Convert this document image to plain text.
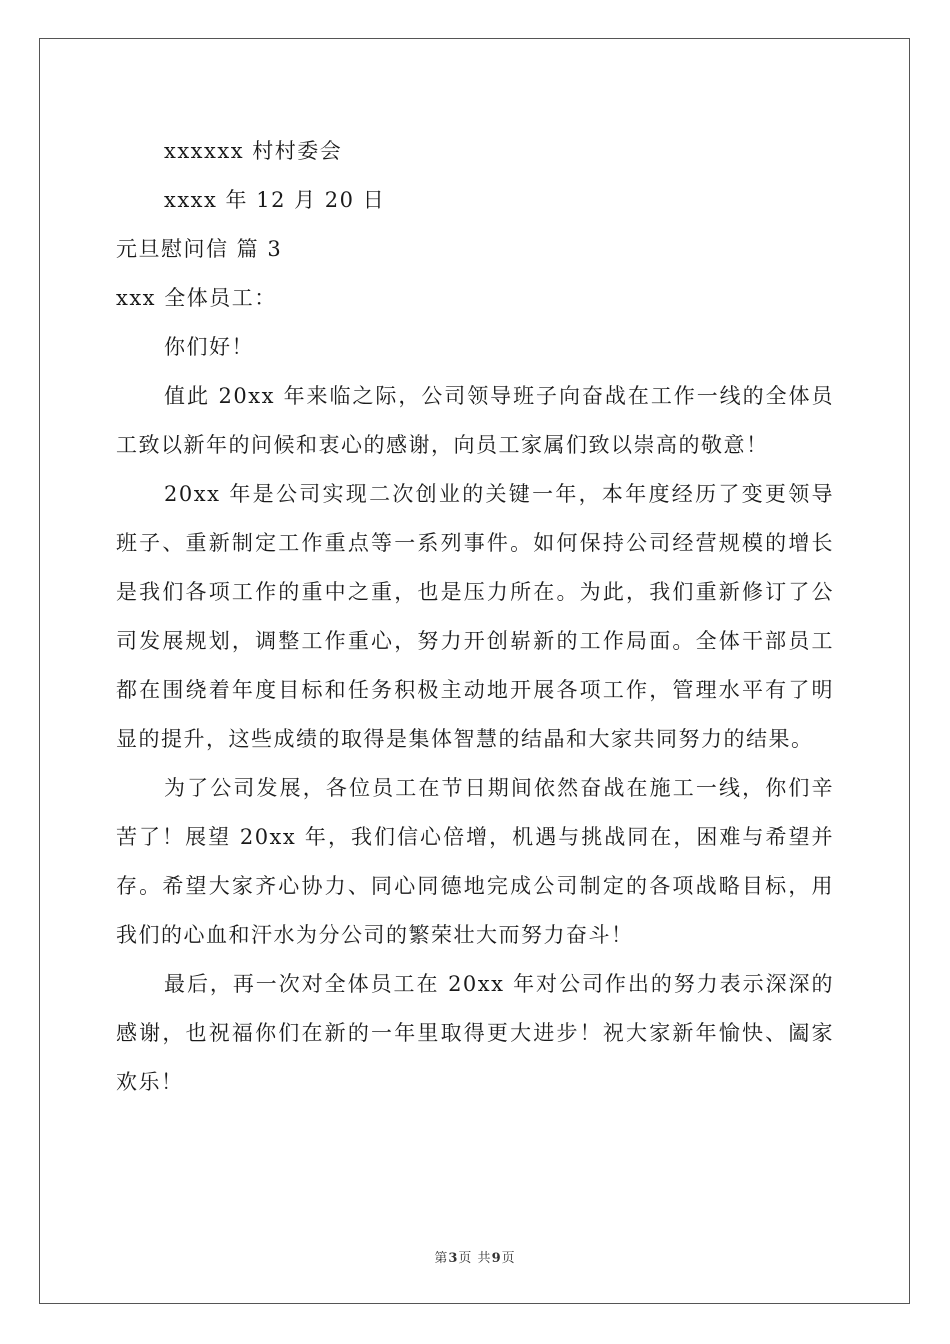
xxxxxx 村村委会

xxxx 年 12 月 20 日

元旦慰问信 篇 3

xxx 全体员工：

你们好！

值此 20xx 年来临之际，公司领导班子向奋战在工作一线的全体员工致以新年的问候和衷心的感谢，向员工家属们致以崇高的敬意！

20xx 年是公司实现二次创业的关键一年，本年度经历了变更领导班子、重新制定工作重点等一系列事件。如何保持公司经营规模的增长是我们各项工作的重中之重，也是压力所在。为此，我们重新修订了公司发展规划，调整工作重心，努力开创崭新的工作局面。全体干部员工都在围绕着年度目标和任务积极主动地开展各项工作，管理水平有了明显的提升，这些成绩的取得是集体智慧的结晶和大家共同努力的结果。

为了公司发展，各位员工在节日期间依然奋战在施工一线，你们辛苦了！展望 20xx 年，我们信心倍增，机遇与挑战同在，困难与希望并存。希望大家齐心协力、同心同德地完成公司制定的各项战略目标，用我们的心血和汗水为分公司的繁荣壮大而努力奋斗！

最后，再一次对全体员工在 20xx 年对公司作出的努力表示深深的感谢，也祝福你们在新的一年里取得更大进步！祝大家新年愉快、阖家欢乐！

第3页 共9页
